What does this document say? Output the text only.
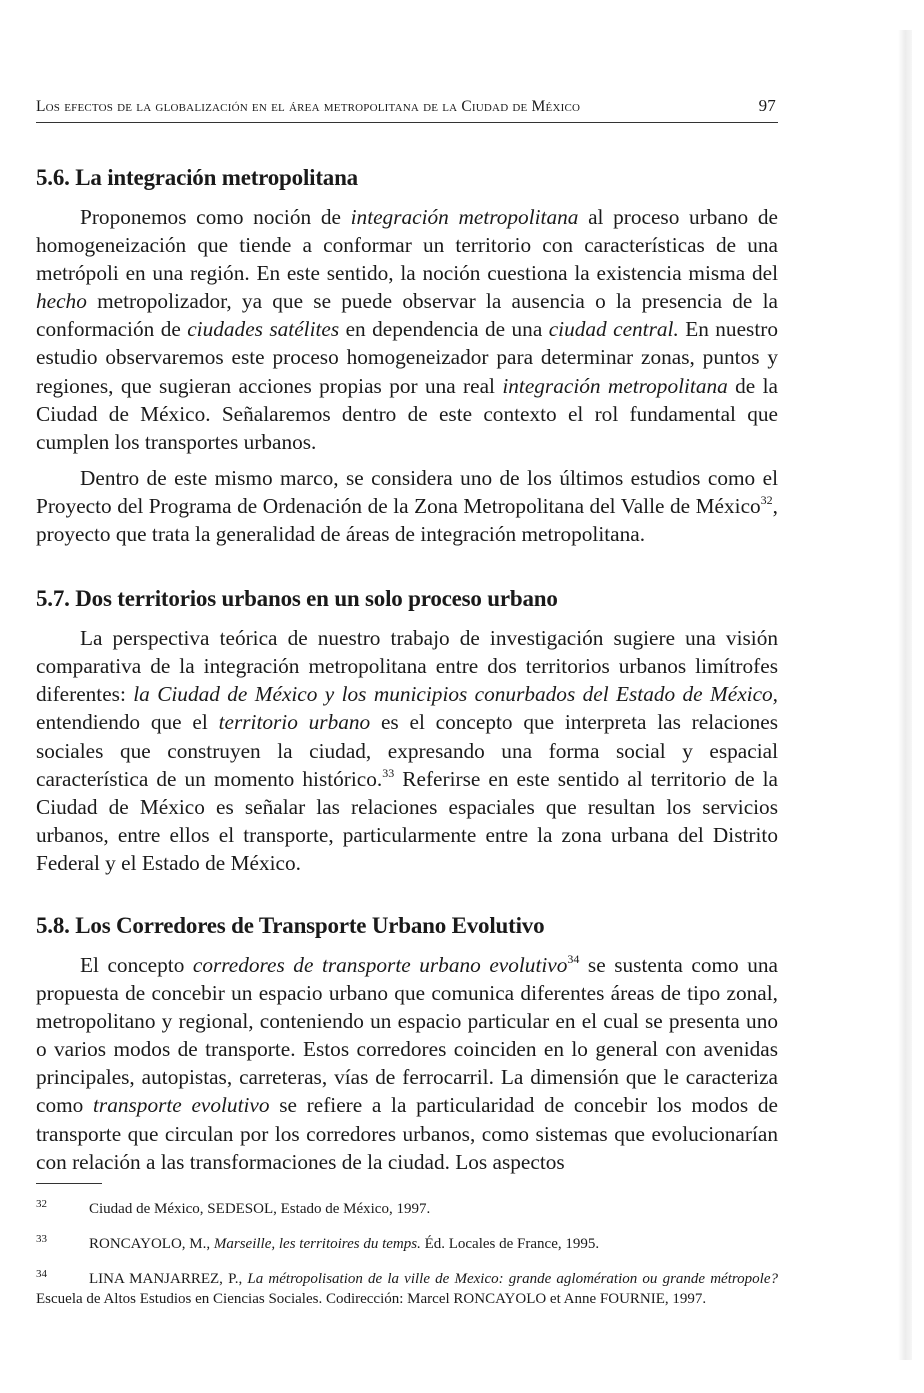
Los efectos de la globalización en el área metropolitana de la Ciudad de México	97
5.6. La integración metropolitana

Proponemos como noción de integración metropolitana al proceso urbano de homogeneización que tiende a conformar un territorio con características de una metrópoli en una región. En este sentido, la noción cuestiona la existencia misma del hecho metropolizador, ya que se puede observar la ausencia o la presencia de la conformación de ciudades satélites en dependencia de una ciudad central. En nuestro estudio observaremos este proceso homogeneizador para determinar zonas, puntos y regiones, que sugieran acciones propias por una real integración metropolitana de la Ciudad de México. Señalaremos dentro de este contexto el rol fundamental que cumplen los transportes urbanos.

Dentro de este mismo marco, se considera uno de los últimos estudios como el Proyecto del Programa de Ordenación de la Zona Metropolitana del Valle de México$^{32}$, proyecto que trata la generalidad de áreas de integración metropolitana.

5.7. Dos territorios urbanos en un solo proceso urbano

La perspectiva teórica de nuestro trabajo de investigación sugiere una visión comparativa de la integración metropolitana entre dos territorios urbanos limítrofes diferentes: la Ciudad de México y los municipios conurbados del Estado de México, entendiendo que el territorio urbano es el concepto que interpreta las relaciones sociales que construyen la ciudad, expresando una forma social y espacial característica de un momento histórico.$^{33}$ Referirse en este sentido al territorio de la Ciudad de México es señalar las relaciones espaciales que resultan los servicios urbanos, entre ellos el transporte, particularmente entre la zona urbana del Distrito Federal y el Estado de México.

5.8. Los Corredores de Transporte Urbano Evolutivo

El concepto corredores de transporte urbano evolutivo$^{34}$ se sustenta como una propuesta de concebir un espacio urbano que comunica diferentes áreas de tipo zonal, metropolitano y regional, conteniendo un espacio particular en el cual se presenta uno o varios modos de transporte. Estos corredores coinciden en lo general con avenidas principales, autopistas, carreteras, vías de ferrocarril. La dimensión que le caracteriza como transporte evolutivo se refiere a la particularidad de concebir los modos de transporte que circulan por los corredores urbanos, como sistemas que evolucionarían con relación a las transformaciones de la ciudad. Los aspectos

32	Ciudad de México, SEDESOL, Estado de México, 1997.
33	RONCAYOLO, M., Marseille, les territoires du temps. Éd. Locales de France, 1995.
34	LINA MANJARREZ, P., La métropolisation de la ville de Mexico: grande aglomération ou grande métropole? Escuela de Altos Estudios en Ciencias Sociales. Codirección: Marcel RONCAYOLO et Anne FOURNIE, 1997.
